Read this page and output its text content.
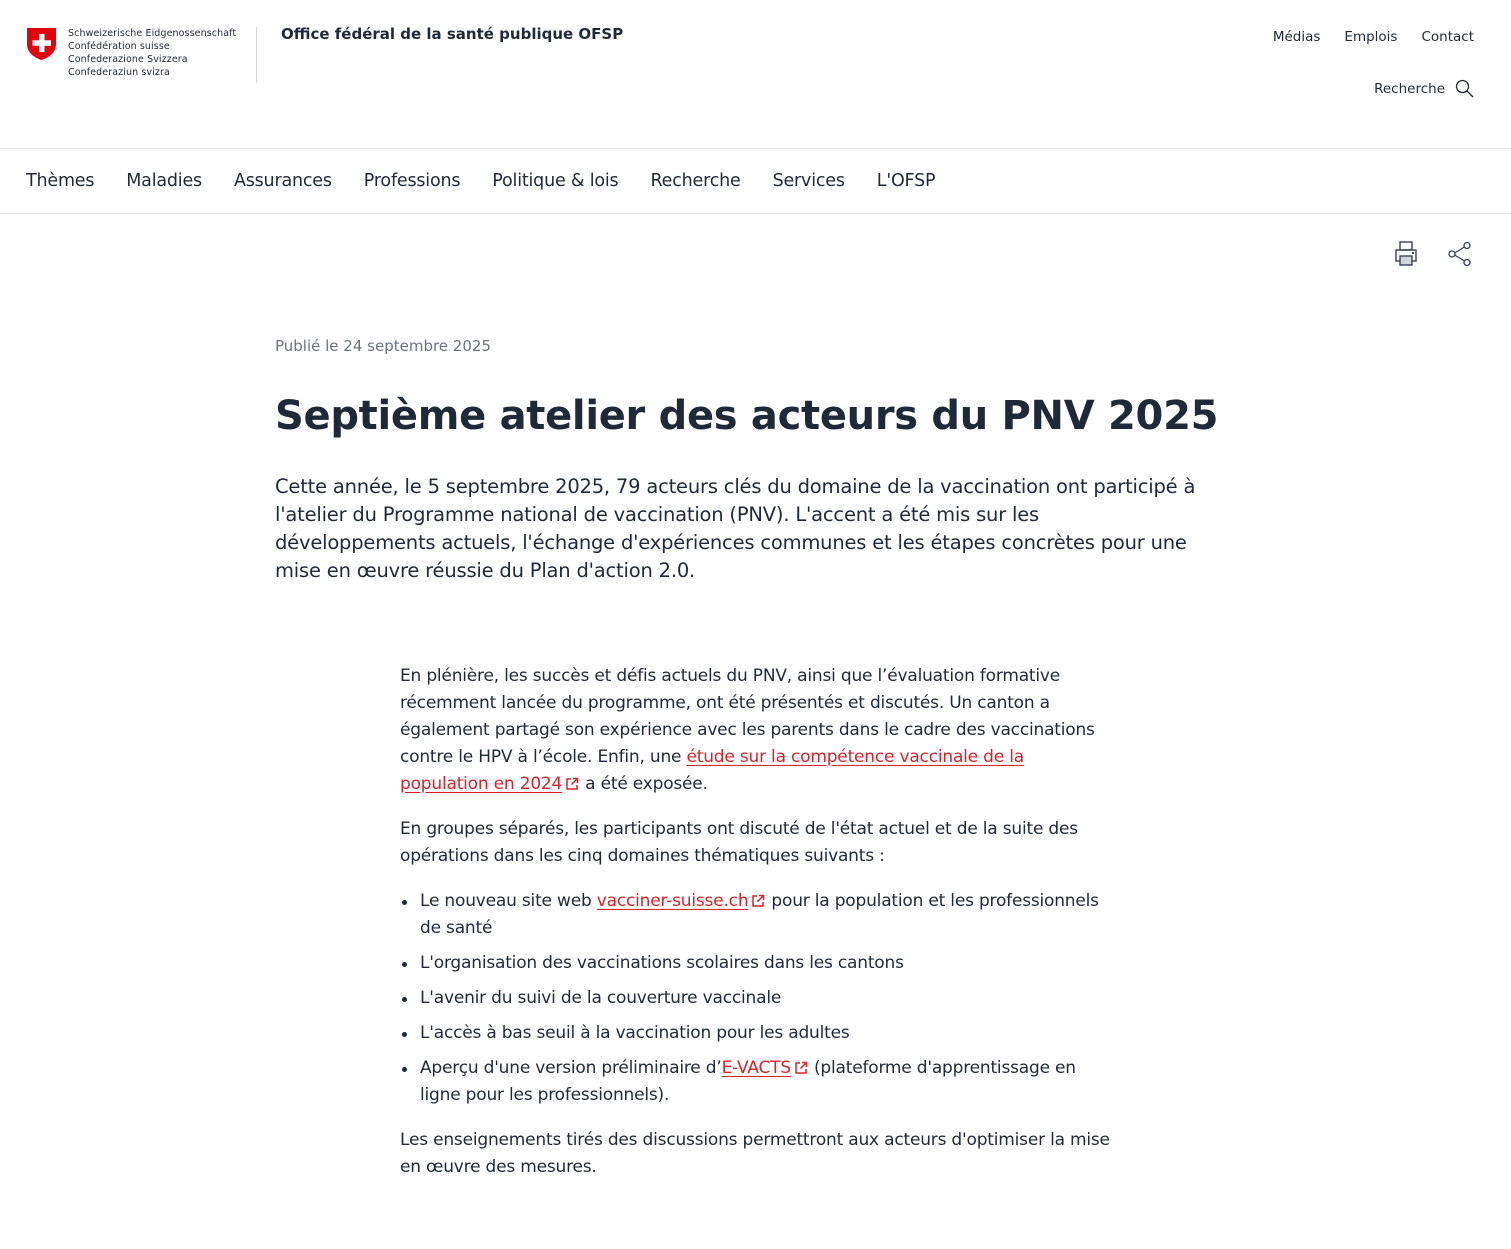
Schweizerische Eidgenossenschaft
Confédération suisse
Confederazione Svizzera
Confederaziun svizra
Office fédéral de la santé publique OFSP	Médias Emplois Contact
Recherche
Thèmes Maladies Assurances Professions Politique & lois Recherche Services L'OFSP
Publié le 24 septembre 2025
Septième atelier des acteurs du PNV 2025

Cette année, le 5 septembre 2025, 79 acteurs clés du domaine de la vaccination ont participé à l'atelier du Programme national de vaccination (PNV). L'accent a été mis sur les développements actuels, l'échange d'expériences communes et les étapes concrètes pour une mise en œuvre réussie du Plan d'action 2.0.

En plénière, les succès et défis actuels du PNV, ainsi que l’évaluation formative récemment lancée du programme, ont été présentés et discutés. Un canton a également partagé son expérience avec les parents dans le cadre des vaccinations contre le HPV à l’école. Enfin, une étude sur la compétence vaccinale de la population en 2024 a été exposée.

En groupes séparés, les participants ont discuté de l'état actuel et de la suite des opérations dans les cinq domaines thématiques suivants :

Le nouveau site web vacciner-suisse.ch pour la population et les professionnels de santé
L'organisation des vaccinations scolaires dans les cantons
L'avenir du suivi de la couverture vaccinale
L'accès à bas seuil à la vaccination pour les adultes
Aperçu d'une version préliminaire d’E-VACTS (plateforme d'apprentissage en ligne pour les professionnels).

Les enseignements tirés des discussions permettront aux acteurs d'optimiser la mise en œuvre des mesures.
